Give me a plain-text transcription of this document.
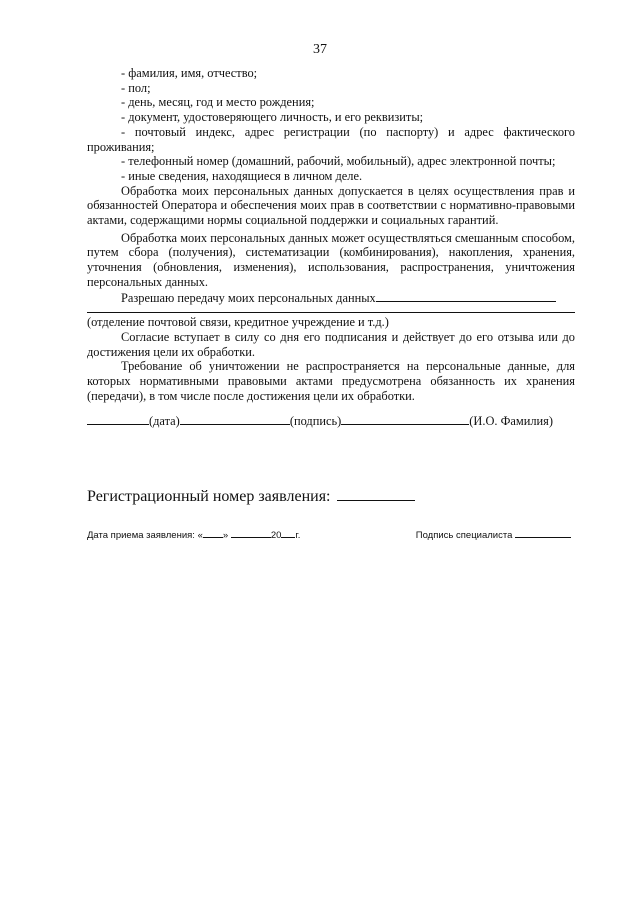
37
- фамилия, имя, отчество;
- пол;
- день, месяц, год и место рождения;
- документ, удостоверяющего личность, и его реквизиты;
- почтовый индекс, адрес регистрации (по паспорту) и адрес фактического проживания;
- телефонный номер (домашний, рабочий, мобильный), адрес электронной почты;
- иные сведения, находящиеся в личном деле.
Обработка моих персональных данных допускается в целях осуществления прав и обязанностей Оператора и обеспечения моих прав в соответствии с нормативно-правовыми актами, содержащими нормы социальной поддержки и социальных гарантий.
Обработка моих персональных данных может осуществляться смешанным способом, путем сбора (получения), систематизации (комбинирования), накопления, хранения, уточнения (обновления, изменения), использования, распространения, уничтожения персональных данных.
Разрешаю передачу моих персональных данных
(отделение почтовой связи, кредитное учреждение и т.д.)
Согласие вступает в силу со дня его подписания и действует до его отзыва или до достижения цели их обработки.
Требование об уничтожении не распространяется на персональные данные, для которых нормативными правовыми актами предусмотрена обязанность их хранения (передачи), в том числе после достижения цели их обработки.
(дата)	(подпись)	(И.О. Фамилия)
Регистрационный номер заявления:
Дата приема заявления: « »	20 г.	Подпись специалиста
